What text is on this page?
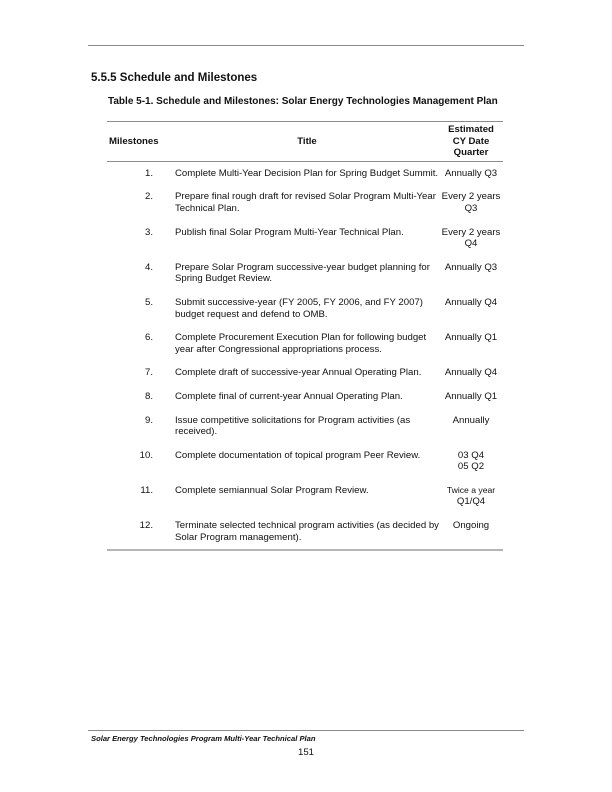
5.5.5 Schedule and Milestones
Table 5-1. Schedule and Milestones: Solar Energy Technologies Management Plan
Milestones	Title	Estimated
CY Date
Quarter

1.	Complete Multi-Year Decision Plan for Spring Budget Summit.	Annually Q3
2.	Prepare final rough draft for revised Solar Program Multi-Year Technical Plan.	Every 2 years Q3
3.	Publish final Solar Program Multi-Year Technical Plan.	Every 2 years Q4
4.	Prepare Solar Program successive-year budget planning for Spring Budget Review.	Annually Q3
5.	Submit successive-year (FY 2005, FY 2006, and FY 2007) budget request and defend to OMB.	Annually Q4
6.	Complete Procurement Execution Plan for following budget year after Congressional appropriations process.	Annually Q1
7.	Complete draft of successive-year Annual Operating Plan.	Annually Q4
8.	Complete final of current-year Annual Operating Plan.	Annually Q1
9.	Issue competitive solicitations for Program activities (as received).	Annually
10.	Complete documentation of topical program Peer Review.	03 Q4
05 Q2

11.	Complete semiannual Solar Program Review.	Twice a year
Q1/Q4

12.	Terminate selected technical program activities (as decided by Solar Program management).	Ongoing
Solar Energy Technologies Program Multi-Year Technical Plan
151
